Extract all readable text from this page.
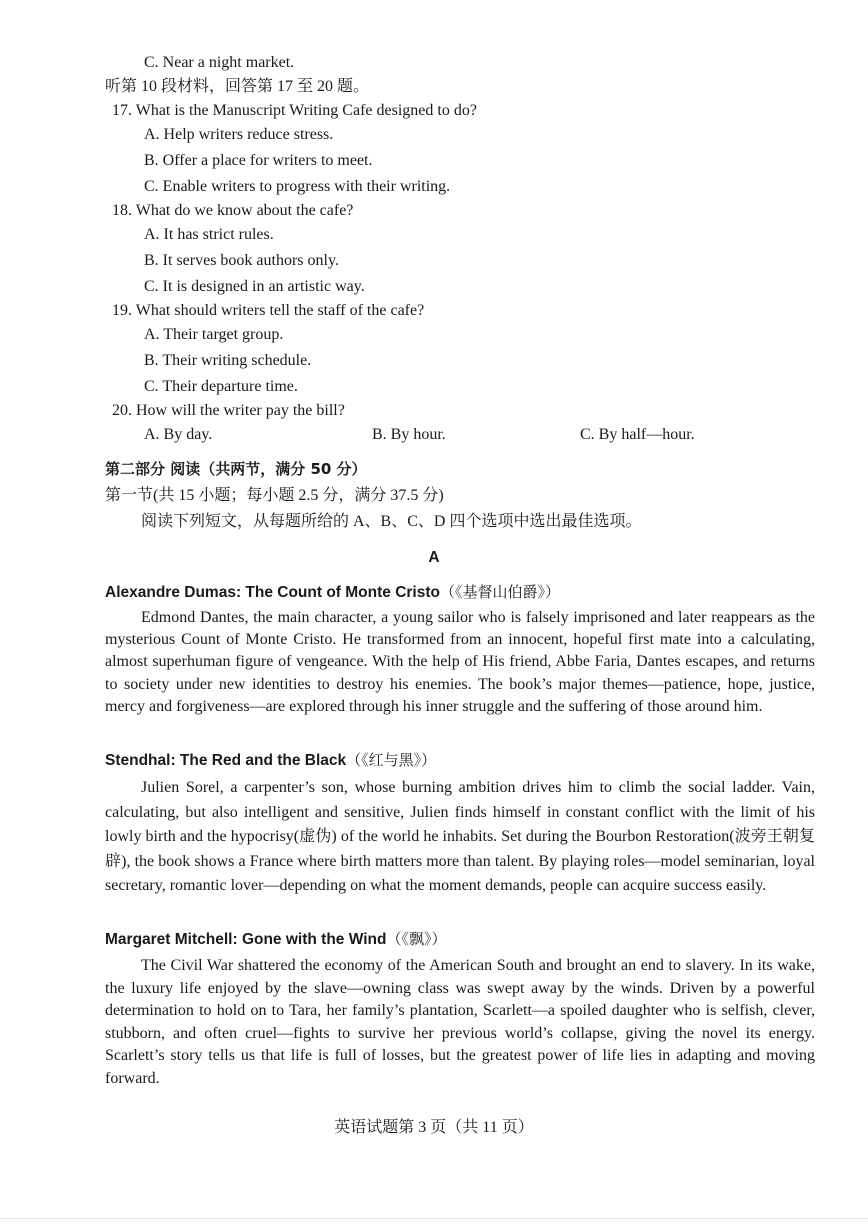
C. Near a night market.
听第 10 段材料，回答第 17 至 20 题。
17. What is the Manuscript Writing Cafe designed to do?
A. Help writers reduce stress.
B. Offer a place for writers to meet.
C. Enable writers to progress with their writing.
18. What do we know about the cafe?
A. It has strict rules.
B. It serves book authors only.
C. It is designed in an artistic way.
19. What should writers tell the staff of the cafe?
A. Their target group.
B. Their writing schedule.
C. Their departure time.
20. How will the writer pay the bill?
A. By day.	B. By hour.	C. By half—hour.
第二部分 阅读（共两节，满分 50 分）
第一节(共 15 小题；每小题 2.5 分，满分 37.5 分)
阅读下列短文，从每题所给的 A、B、C、D 四个选项中选出最佳选项。
A
Alexandre Dumas: The Count of Monte Cristo（《基督山伯爵》）

Edmond Dantes, the main character, a young sailor who is falsely imprisoned and later reappears as the mysterious Count of Monte Cristo. He transformed from an innocent, hopeful first mate into a calculating, almost superhuman figure of vengeance. With the help of His friend, Abbe Faria, Dantes escapes, and returns to society under new identities to destroy his enemies. The book’s major themes—patience, hope, justice, mercy and forgiveness—are explored through his inner struggle and the suffering of those around him.

Stendhal: The Red and the Black（《红与黑》）

Julien Sorel, a carpenter’s son, whose burning ambition drives him to climb the social ladder. Vain, calculating, but also intelligent and sensitive, Julien finds himself in constant conflict with the limit of his lowly birth and the hypocrisy(虚伪) of the world he inhabits. Set during the Bourbon Restoration(波旁王朝复辟), the book shows a France where birth matters more than talent. By playing roles—model seminarian, loyal secretary, romantic lover—depending on what the moment demands, people can acquire success easily.

Margaret Mitchell: Gone with the Wind（《飘》）

The Civil War shattered the economy of the American South and brought an end to slavery. In its wake, the luxury life enjoyed by the slave—owning class was swept away by the winds. Driven by a powerful determination to hold on to Tara, her family’s plantation, Scarlett—a spoiled daughter who is selfish, clever, stubborn, and often cruel—fights to survive her previous world’s collapse, giving the novel its energy. Scarlett’s story tells us that life is full of losses, but the greatest power of life lies in adapting and moving forward.

英语试题第 3 页（共 11 页）
